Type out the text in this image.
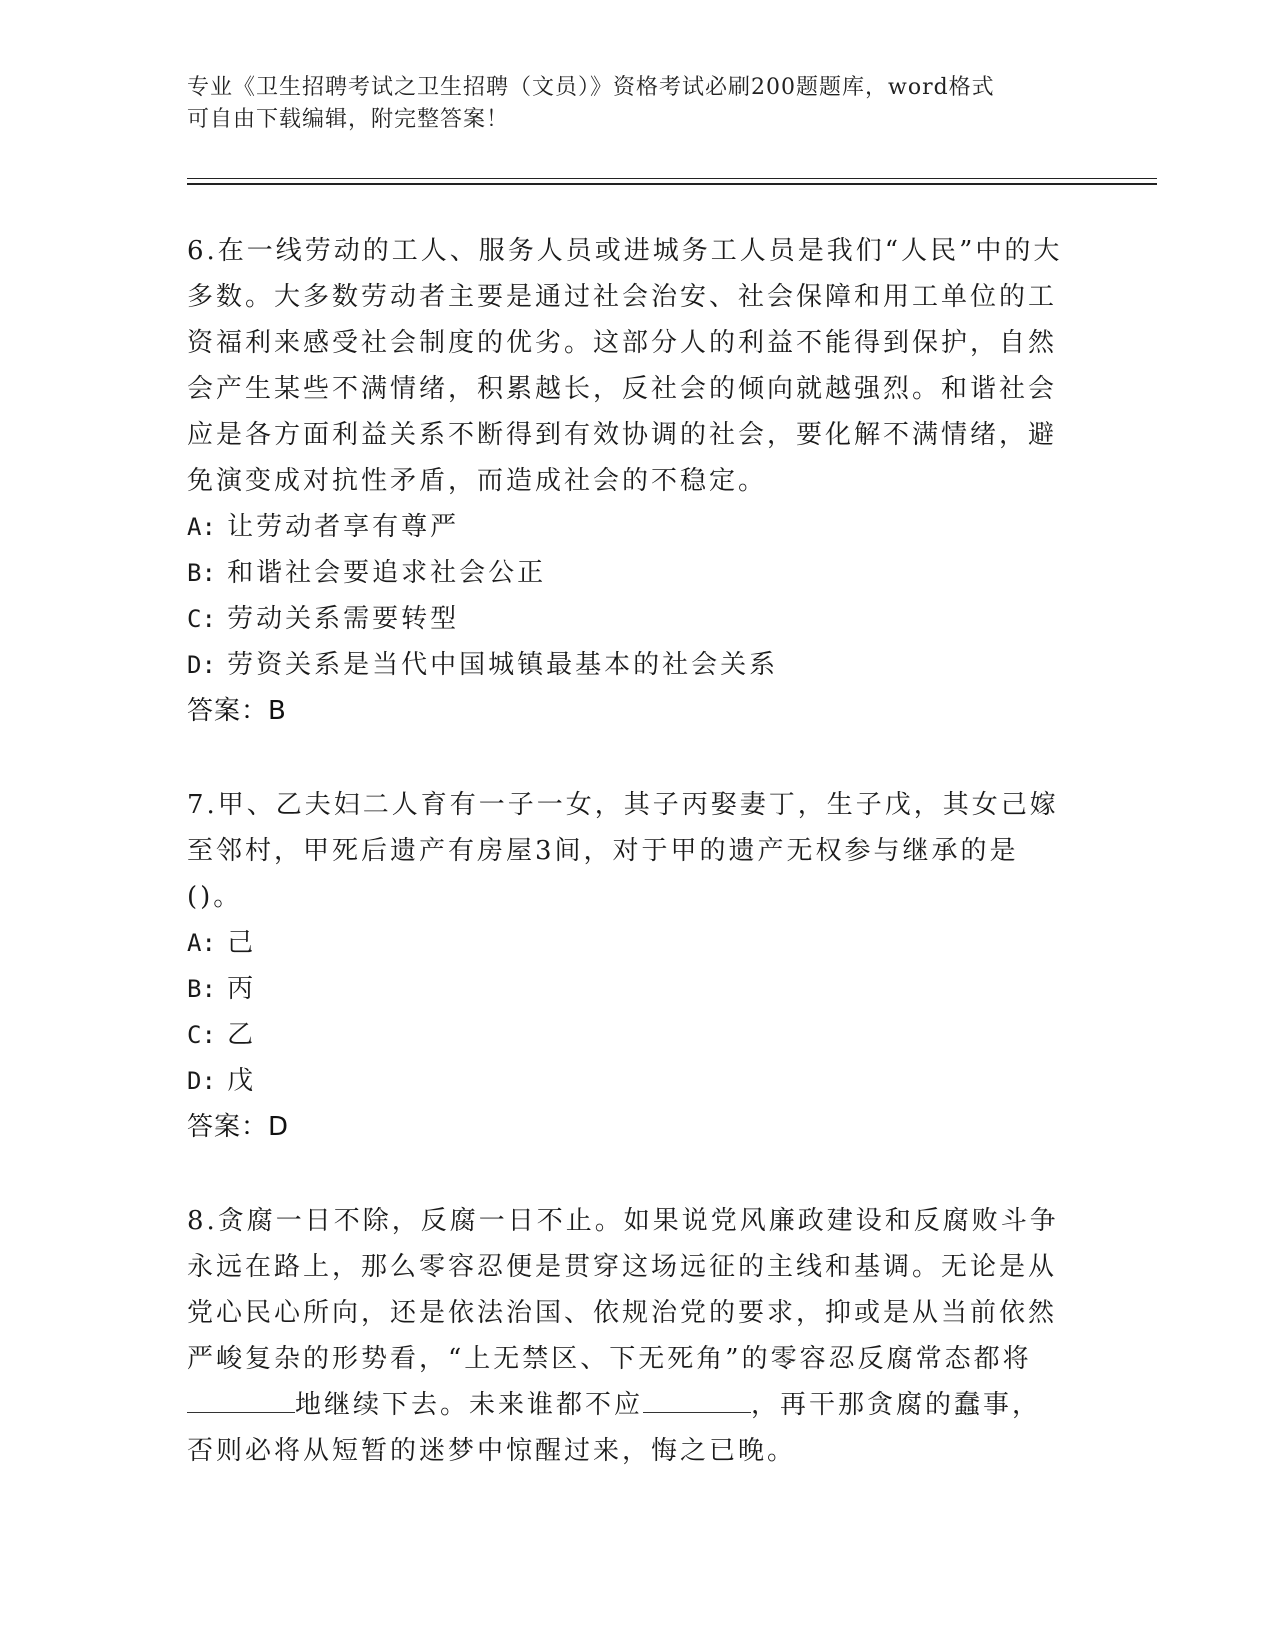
专业《卫生招聘考试之卫生招聘（文员）》资格考试必刷200题题库，word格式
可自由下载编辑，附完整答案！

6.在一线劳动的工人、服务人员或进城务工人员是我们“人民”中的大多数。大多数劳动者主要是通过社会治安、社会保障和用工单位的工资福利来感受社会制度的优劣。这部分人的利益不能得到保护，自然会产生某些不满情绪，积累越长，反社会的倾向就越强烈。和谐社会应是各方面利益关系不断得到有效协调的社会，要化解不满情绪，避免演变成对抗性矛盾，而造成社会的不稳定。

A: 让劳动者享有尊严

B: 和谐社会要追求社会公正

C: 劳动关系需要转型

D: 劳资关系是当代中国城镇最基本的社会关系

答案：B

7.甲、乙夫妇二人育有一子一女，其子丙娶妻丁，生子戊，其女己嫁至邻村，甲死后遗产有房屋3间，对于甲的遗产无权参与继承的是()。

A: 己

B: 丙

C: 乙

D: 戊

答案：D

8.贪腐一日不除，反腐一日不止。如果说党风廉政建设和反腐败斗争永远在路上，那么零容忍便是贯穿这场远征的主线和基调。无论是从党心民心所向，还是依法治国、依规治党的要求，抑或是从当前依然严峻复杂的形势看，“上无禁区、下无死角”的零容忍反腐常态都将地继续下去。未来谁都不应	，再干那贪腐的蠢事，否则必将从短暂的迷梦中惊醒过来，悔之已晚。
